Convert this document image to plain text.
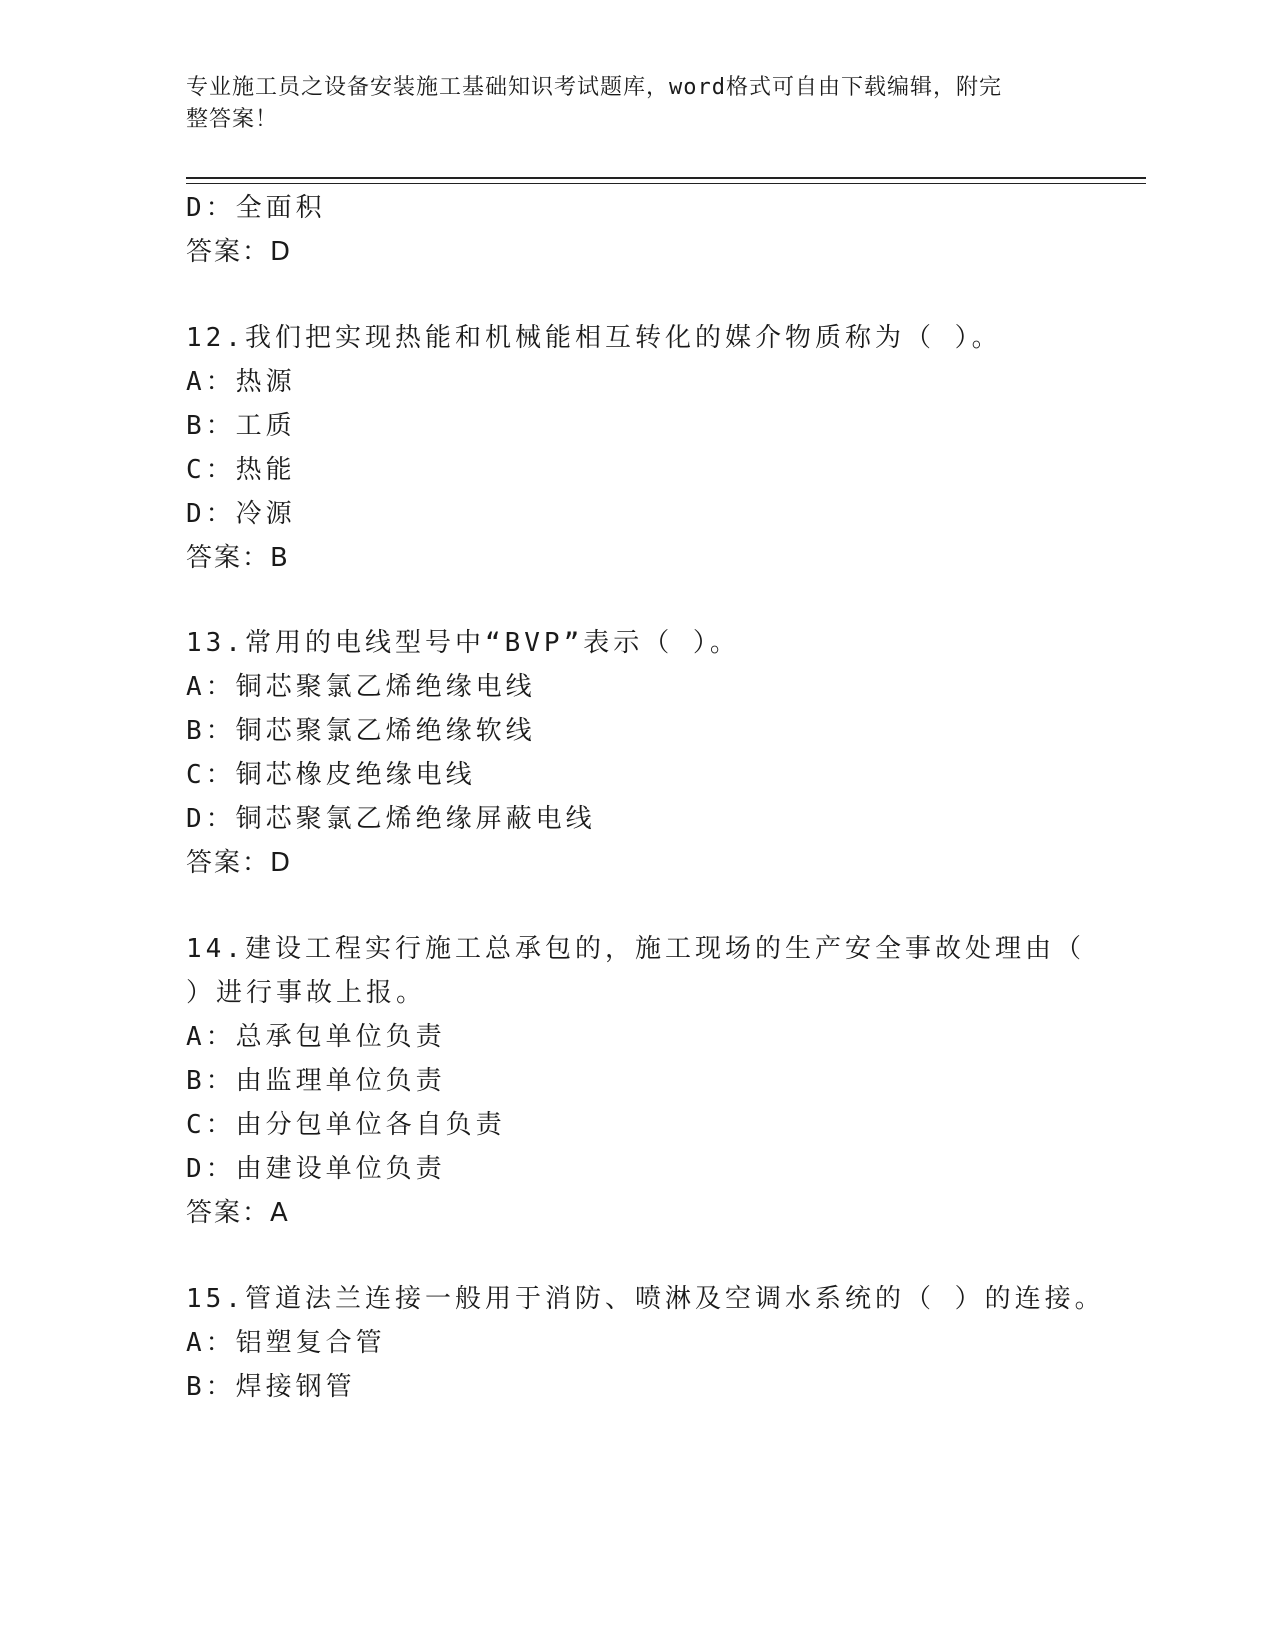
专业施工员之设备安装施工基础知识考试题库，word格式可自由下载编辑，附完
整答案！
D：全面积
答案：D
12.我们把实现热能和机械能相互转化的媒介物质称为（ ）。
A：热源
B：工质
C：热能
D：冷源
答案：B
13.常用的电线型号中“BVP”表示（ ）。
A：铜芯聚氯乙烯绝缘电线
B：铜芯聚氯乙烯绝缘软线
C：铜芯橡皮绝缘电线
D：铜芯聚氯乙烯绝缘屏蔽电线
答案：D
14.建设工程实行施工总承包的，施工现场的生产安全事故处理由（
）进行事故上报。
A：总承包单位负责
B：由监理单位负责
C：由分包单位各自负责
D：由建设单位负责
答案：A
15.管道法兰连接一般用于消防、喷淋及空调水系统的（ ）的连接。
A：铝塑复合管
B：焊接钢管
